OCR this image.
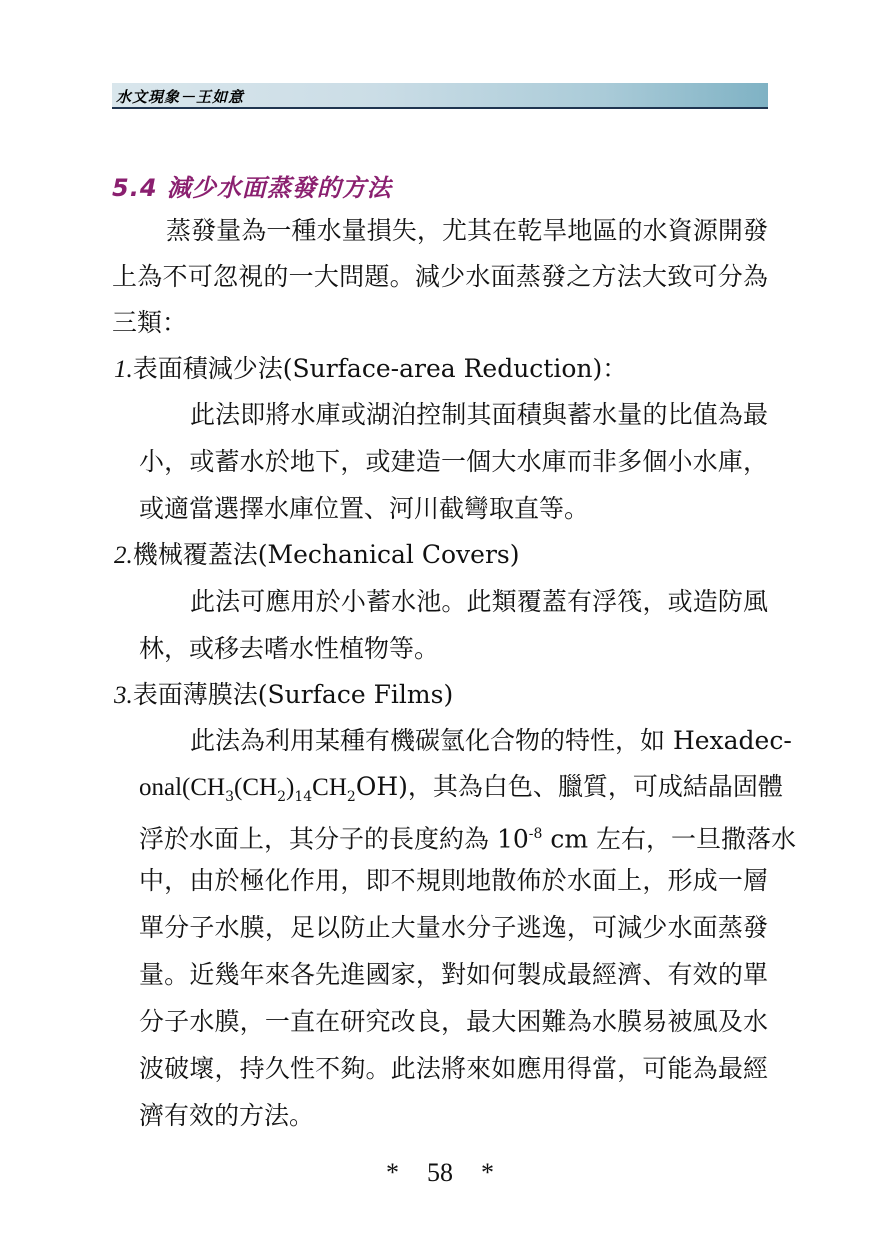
水文現象－王如意
5.4 減少水面蒸發的方法
蒸發量為一種水量損失，尤其在乾旱地區的水資源開發
上為不可忽視的一大問題。減少水面蒸發之方法大致可分為
三類：
1.表面積減少法(Surface-area Reduction)：
此法即將水庫或湖泊控制其面積與蓄水量的比值為最
小，或蓄水於地下，或建造一個大水庫而非多個小水庫，
或適當選擇水庫位置、河川截彎取直等。
2.機械覆蓋法(Mechanical Covers)
此法可應用於小蓄水池。此類覆蓋有浮筏，或造防風
林，或移去嗜水性植物等。
3.表面薄膜法(Surface Films)
此法為利用某種有機碳氫化合物的特性，如 Hexadec-
$onal(CH_3(CH_2)_{14}CH_2OH)$，其為白色、臘質，可成結晶固體
浮於水面上，其分子的長度約為 $10^{-8}$ cm 左右，一旦撒落水
中，由於極化作用，即不規則地散佈於水面上，形成一層
單分子水膜，足以防止大量水分子逃逸，可減少水面蒸發
量。近幾年來各先進國家，對如何製成最經濟、有效的單
分子水膜，一直在研究改良，最大困難為水膜易被風及水
波破壞，持久性不夠。此法將來如應用得當，可能為最經
濟有效的方法。
* 58 *
